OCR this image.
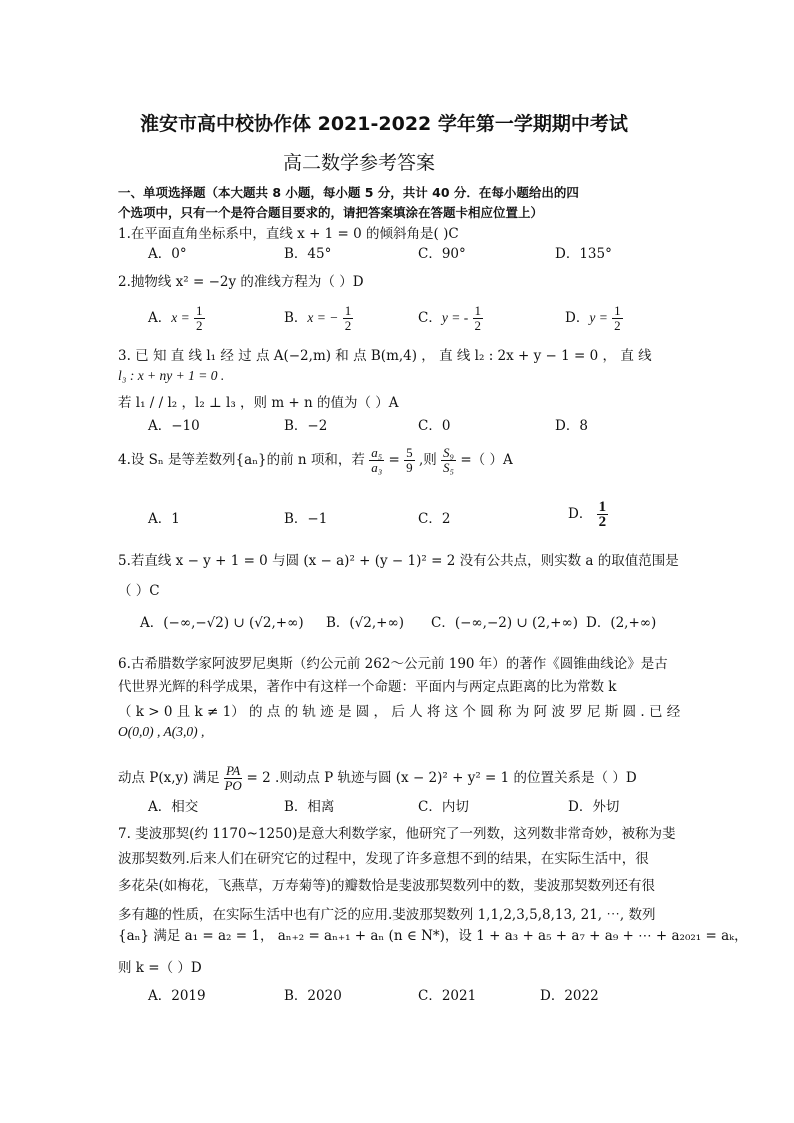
淮安市高中校协作体 2021-2022 学年第一学期期中考试
高二数学参考答案
一、单项选择题（本大题共 8 小题，每小题 5 分，共计 40 分．在每小题给出的四
个选项中，只有一个是符合题目要求的，请把答案填涂在答题卡相应位置上）
1.在平面直角坐标系中，直线 x + 1 = 0 的倾斜角是( )C
A．0°	B．45°	C．90°	D．135°
2.抛物线 x² = −2y 的准线方程为（ ）D
A．$x = \frac{1}{2}$	B．x = − $\frac{1}{2}$	C．y = - $\frac{1}{2}$	D．$y = \frac{1}{2}$
3. 已 知 直 线 l₁ 经 过 点 A(−2,m) 和 点 B(m,4) ， 直 线 l₂ : 2x + y − 1 = 0 ， 直 线
l₃ : x + ny + 1 = 0 .
若 l₁ / / l₂ ，l₂ ⊥ l₃ ，则 m + n 的值为（ ）A
A．−10	B．−2	C．0	D．8
4.设 Sₙ 是等差数列{aₙ}的前 n 项和，若 $\frac{\text{a₅}}{\text{a₃}} = \frac{5}{9}$ ,则 $\frac{\text{S₉}}{\text{S₅}}$ =（ ）A
A．1	B．−1	C．2	D． $\frac{1}{2}$
5.若直线 x − y + 1 = 0 与圆 (x − a)² + (y − 1)² = 2 没有公共点，则实数 a 的取值范围是
（ ）C
A．(−∞,−√2) ∪ (√2,+∞) B．(√2,+∞) C．(−∞,−2) ∪ (2,+∞) D．(2,+∞)
6.古希腊数学家阿波罗尼奥斯（约公元前 262～公元前 190 年）的著作《圆锥曲线论》是古
代世界光辉的科学成果，著作中有这样一个命题：平面内与两定点距离的比为常数 k
（ k > 0 且 k ≠ 1） 的 点 的 轨 迹 是 圆 ， 后 人 将 这 个 圆 称 为 阿 波 罗 尼 斯 圆 . 已 经
O(0,0) , A(3,0) ,
动点 P(x,y) 满足 $\frac{PA}{PO} = 2$ .则动点 P 轨迹与圆 (x − 2)² + y² = 1 的位置关系是（ ）D
A．相交	B．相离	C．内切	D．外切
7. 斐波那契(约 1170~1250)是意大利数学家，他研究了一列数，这列数非常奇妙，被称为斐
波那契数列.后来人们在研究它的过程中，发现了许多意想不到的结果，在实际生活中，很
多花朵(如梅花，飞燕草，万寿菊等)的瓣数恰是斐波那契数列中的数，斐波那契数列还有很
多有趣的性质，在实际生活中也有广泛的应用.斐波那契数列 1,1,2,3,5,8,13, 21, ⋯, 数列
{aₙ} 满足 a₁ = a₂ = 1， aₙ₊₂ = aₙ₊₁ + aₙ (n ∈ N*)，设 1 + a₃ + a₅ + a₇ + a₉ + ⋯ + a₂₀₂₁ = aₖ，
则 k =（ ）D
A．2019	B．2020	C．2021	D．2022
